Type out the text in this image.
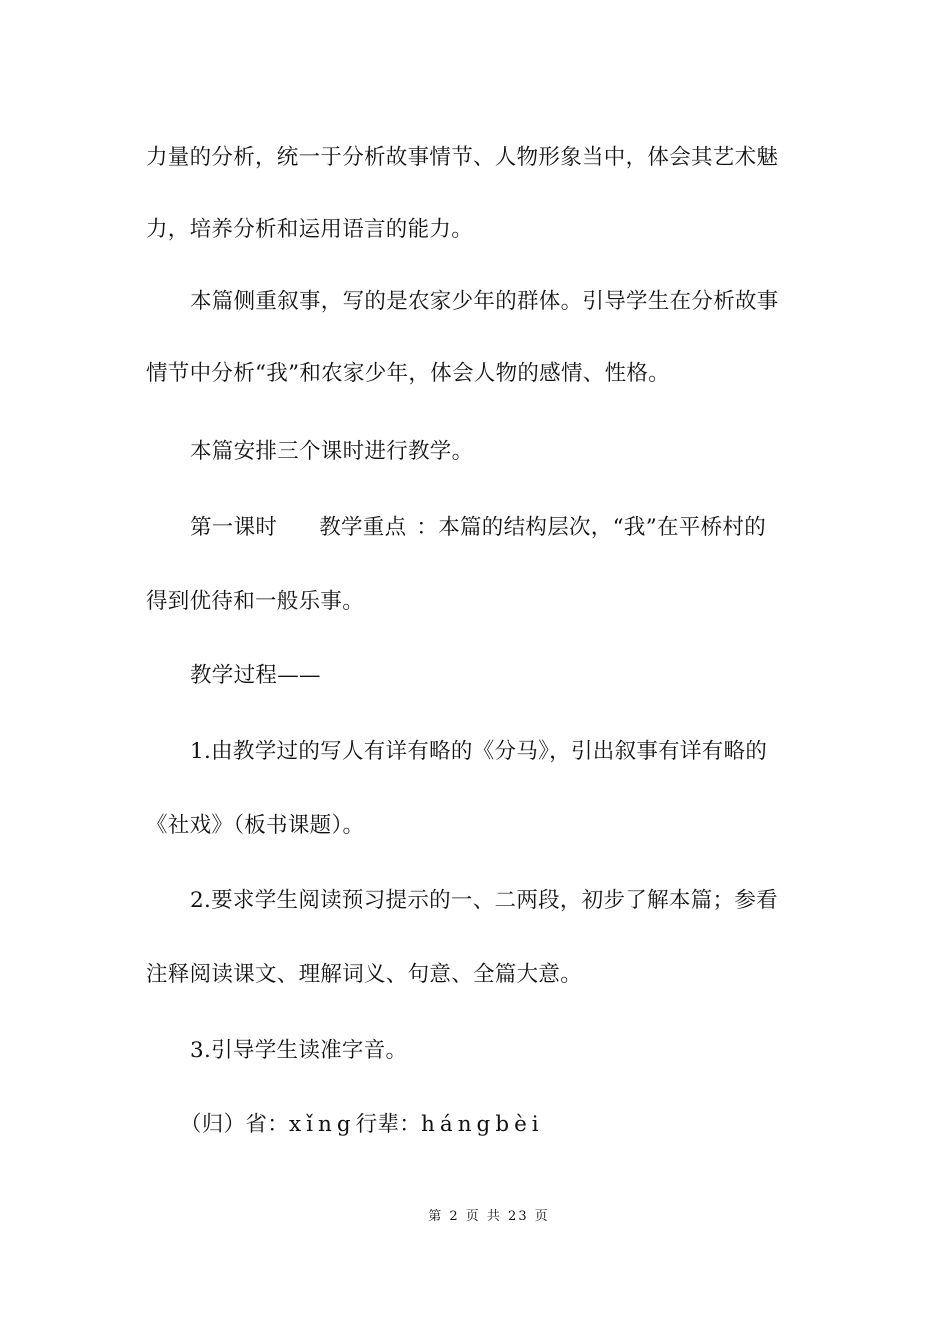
力量的分析，统一于分析故事情节、人物形象当中，体会其艺术魅
力，培养分析和运用语言的能力。
本篇侧重叙事，写的是农家少年的群体。引导学生在分析故事
情节中分析“我”和农家少年，体会人物的感情、性格。
本篇安排三个课时进行教学。
第一课时 教学重点 ：本篇的结构层次，“我”在平桥村的
得到优待和一般乐事。
教学过程——
1.由教学过的写人有详有略的《分马》，引出叙事有详有略的
《社戏》（板书课题）。
2.要求学生阅读预习提示的一、二两段，初步了解本篇；参看
注释阅读课文、理解词义、句意、全篇大意。
3.引导学生读准字音。
（归）省：xǐng行辈：hángbèi
第 2 页 共 23 页
